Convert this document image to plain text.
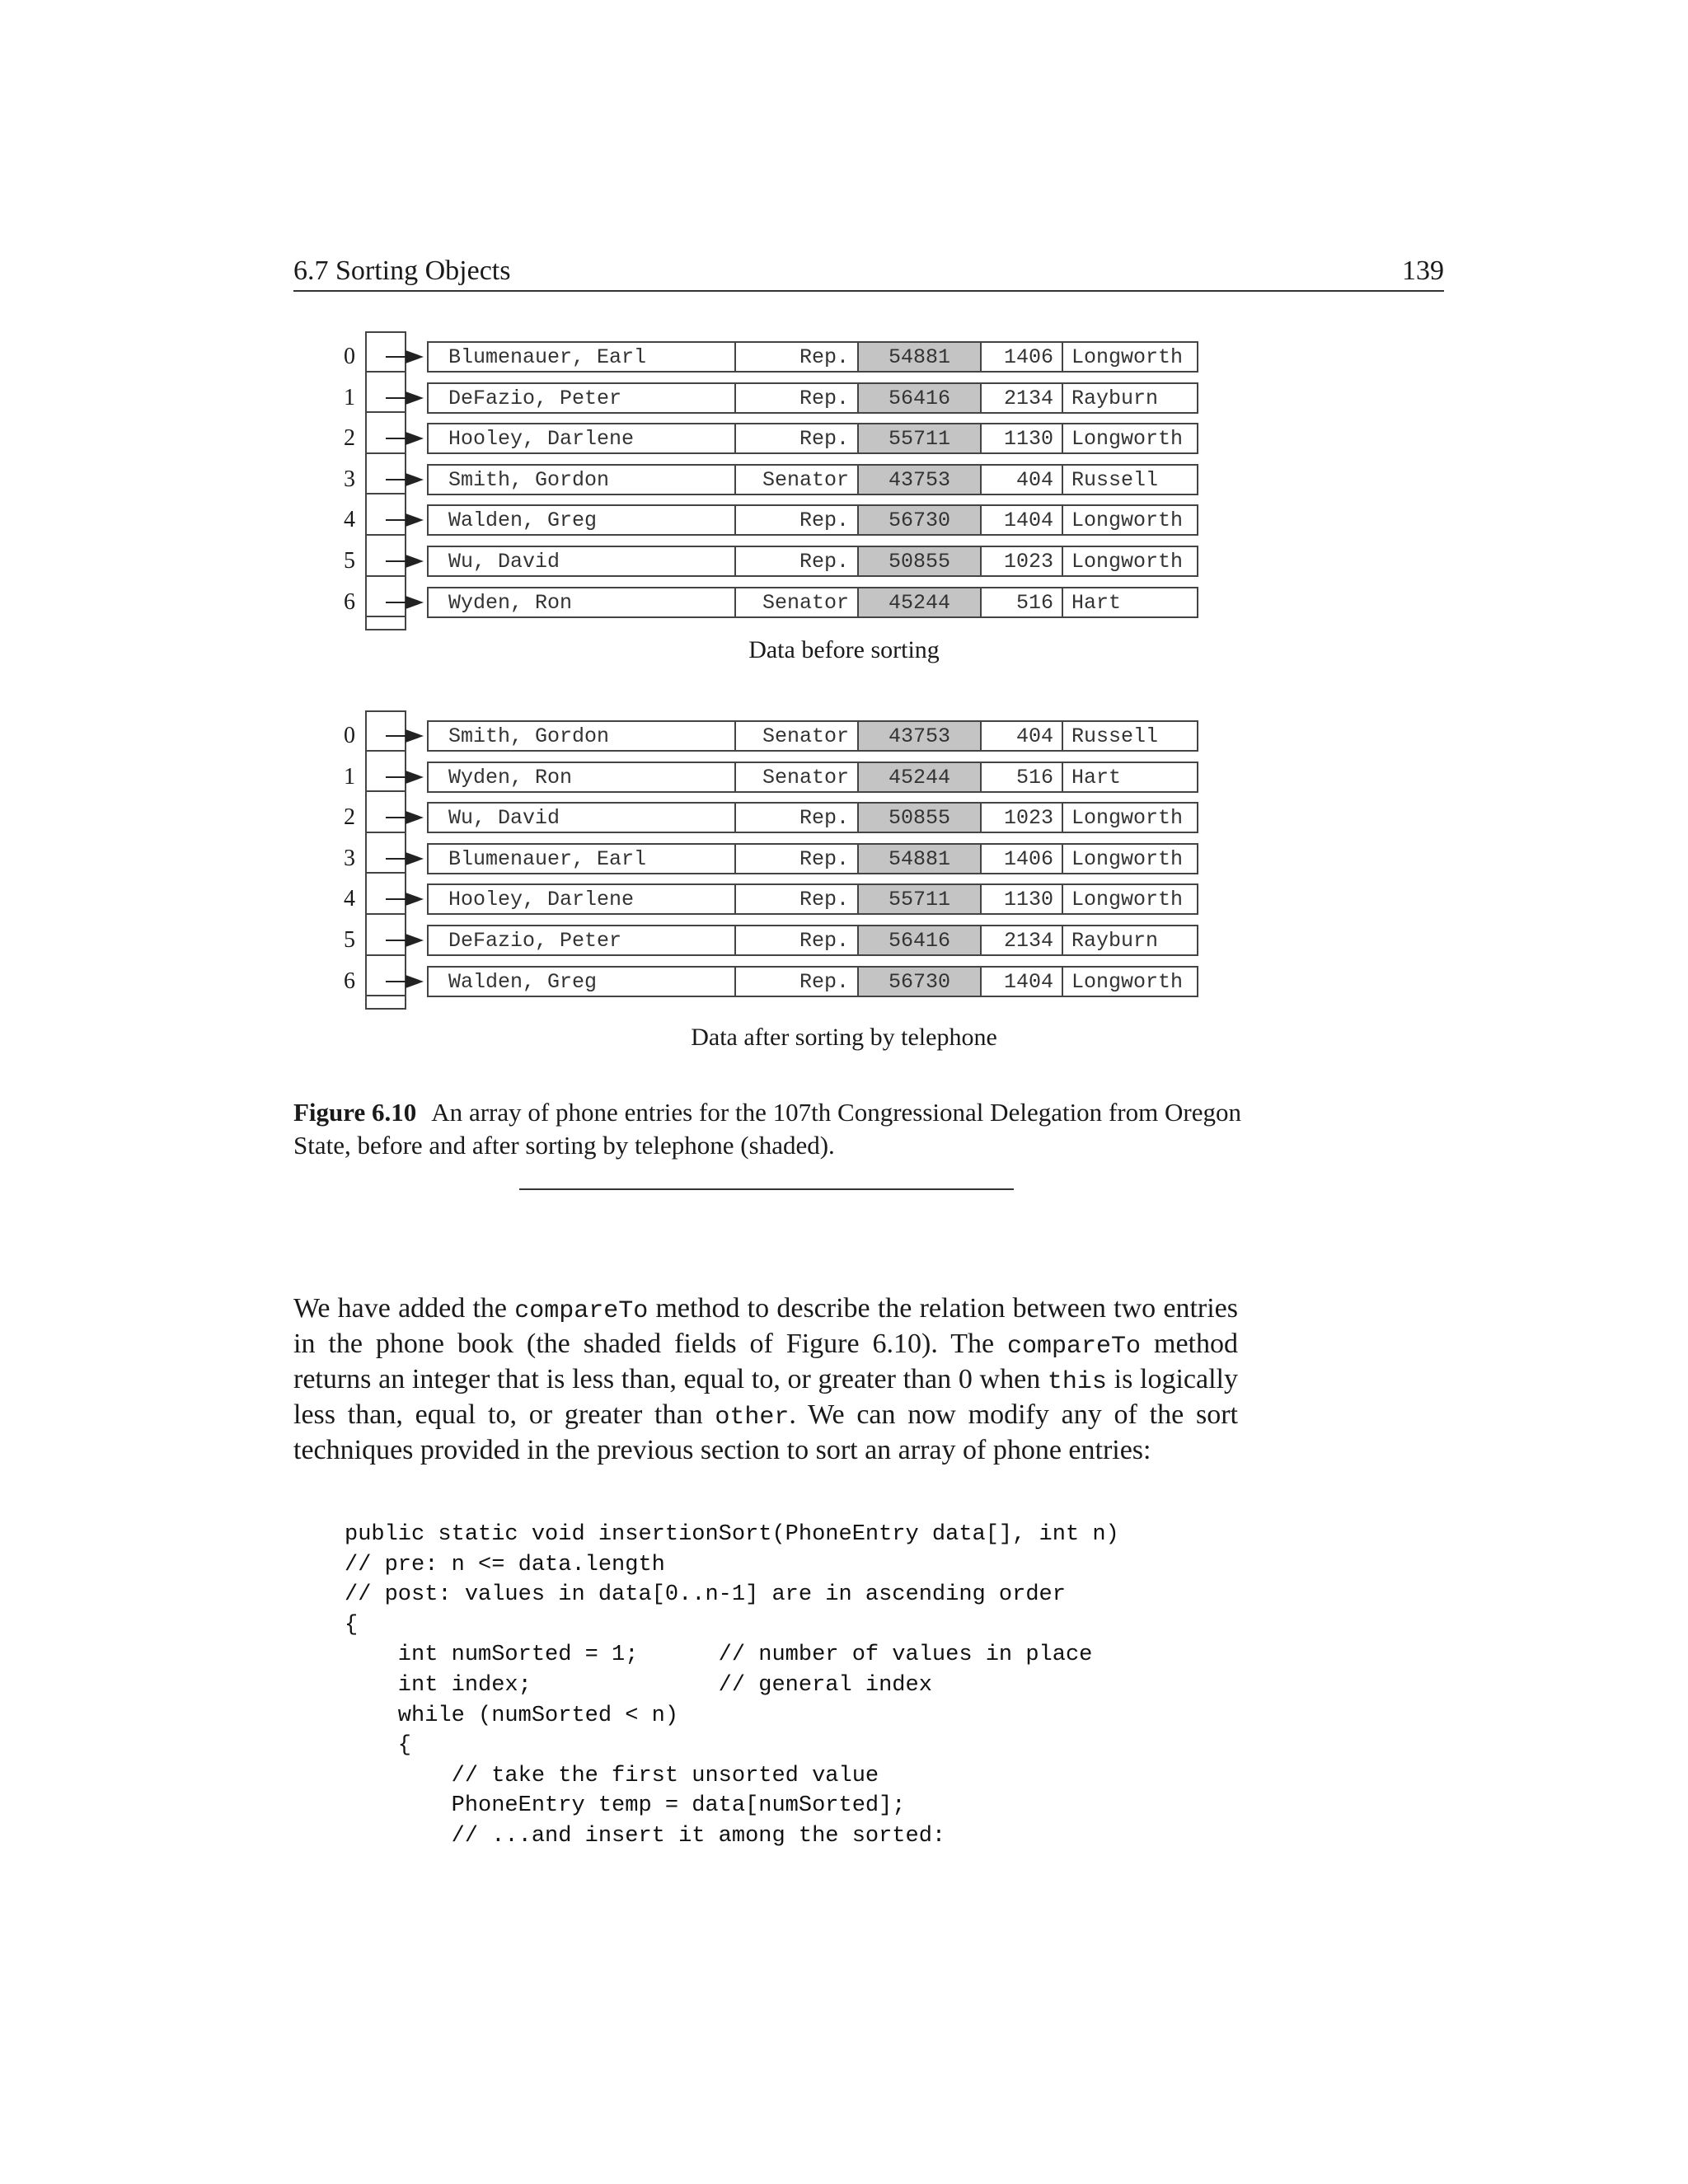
6.7 Sorting Objects	139
0	Blumenauer, Earl	Rep.	54881	1406 Longworth
1	DeFazio, Peter	Rep.	56416	2134 Rayburn
2	Hooley, Darlene	Rep.	55711	1130 Longworth
3	Smith, Gordon	Senator	43753	404 Russell
4	Walden, Greg	Rep.	56730	1404 Longworth
5	Wu, David	Rep.	50855	1023 Longworth
6	Wyden, Ron	Senator	45244	516 Hart
Data before sorting
0	Smith, Gordon	Senator	43753	404 Russell
1	Wyden, Ron	Senator	45244	516 Hart
2	Wu, David	Rep.	50855	1023 Longworth
3	Blumenauer, Earl	Rep.	54881	1406 Longworth
4	Hooley, Darlene	Rep.	55711	1130 Longworth
5	DeFazio, Peter	Rep.	56416	2134 Rayburn
6	Walden, Greg	Rep.	56730	1404 Longworth
Data after sorting by telephone
Figure 6.10 An array of phone entries for the 107th Congressional Delegation from Oregon State, before and after sorting by telephone (shaded).
We have added the compareTo method to describe the relation between two entries in the phone book (the shaded fields of Figure 6.10). The compareTo method returns an integer that is less than, equal to, or greater than 0 when this is logically less than, equal to, or greater than other. We can now modify any of the sort techniques provided in the previous section to sort an array of phone entries:
public static void insertionSort(PhoneEntry data[], int n)
// pre: n <= data.length
// post: values in data[0..n-1] are in ascending order
{
int numSorted = 1;      // number of values in place
int index;              // general index
while (numSorted < n)
{
// take the first unsorted value
PhoneEntry temp = data[numSorted];
// ...and insert it among the sorted:
